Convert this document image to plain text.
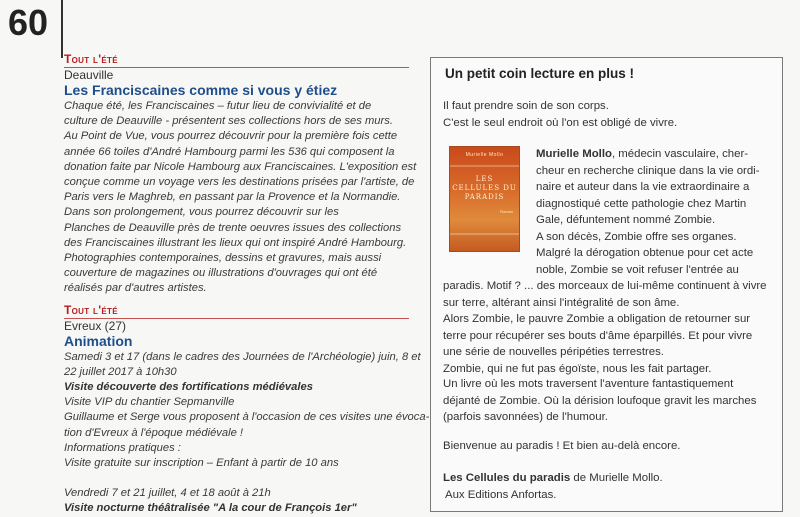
60
Tout l'été
Deauville
Les Franciscaines comme si vous y étiez

Chaque été, les Franciscaines – futur lieu de convivialité et de

culture de Deauville - présentent ses collections hors de ses murs.

Au Point de Vue, vous pourrez découvrir pour la première fois cette

année 66 toiles d'André Hambourg parmi les 536 qui composent la

donation faite par Nicole Hambourg aux Franciscaines. L'exposition est

conçue comme un voyage vers les destinations prisées par l'artiste, de

Paris vers le Maghreb, en passant par la Provence et la Normandie.

Dans son prolongement, vous pourrez découvrir sur les

Planches de Deauville près de trente oeuvres issues des collections

des Franciscaines illustrant les lieux qui ont inspiré André Hambourg.

Photographies contemporaines, dessins et gravures, mais aussi

couverture de magazines ou illustrations d'ouvrages qui ont été

réalisés par d'autres artistes.

Tout l'été
Evreux (27)
Animation

Samedi 3 et 17 (dans le cadres des Journées de l'Archéologie) juin, 8 et

22 juillet 2017 à 10h30

Visite découverte des fortifications médiévales

Visite VIP du chantier Sepmanville

Guillaume et Serge vous proposent à l'occasion de ces visites une évoca-

tion d'Evreux à l'époque médiévale !

Informations pratiques :

Visite gratuite sur inscription – Enfant à partir de 10 ans

Vendredi 7 et 21 juillet, 4 et 18 août à 21h

Visite nocturne théâtralisée "A la cour de François 1er"

Un petit coin lecture en plus !

Il faut prendre soin de son corps.

C'est le seul endroit où l'on est obligé de vivre.

Murielle Mollo
LES CELLULES DU PARADIS
Roman

Murielle Mollo, médecin vasculaire, cher-

cheur en recherche clinique dans la vie ordi-

naire et auteur dans la vie extraordinaire a

diagnostiqué cette pathologie chez Martin

Gale, défuntement nommé Zombie.

A son décès, Zombie offre ses organes.

Malgré la dérogation obtenue pour cet acte

noble, Zombie se voit refuser l'entrée au

paradis. Motif ? ... des morceaux de lui-même continuent à vivre

sur terre, altérant ainsi l'intégralité de son âme.

Alors Zombie, le pauvre Zombie a obligation de retourner sur

terre pour récupérer ses bouts d'âme éparpillés. Et pour vivre

une série de nouvelles péripéties terrestres.

Zombie, qui ne fut pas égoïste, nous les fait partager.

Un livre où les mots traversent l'aventure fantastiquement

déjanté de Zombie. Où la dérision loufoque gravit les marches

(parfois savonnées) de l'humour.

Bienvenue au paradis ! Et bien au-delà encore.

Les Cellules du paradis de Murielle Mollo.

Aux Editions Anfortas.
